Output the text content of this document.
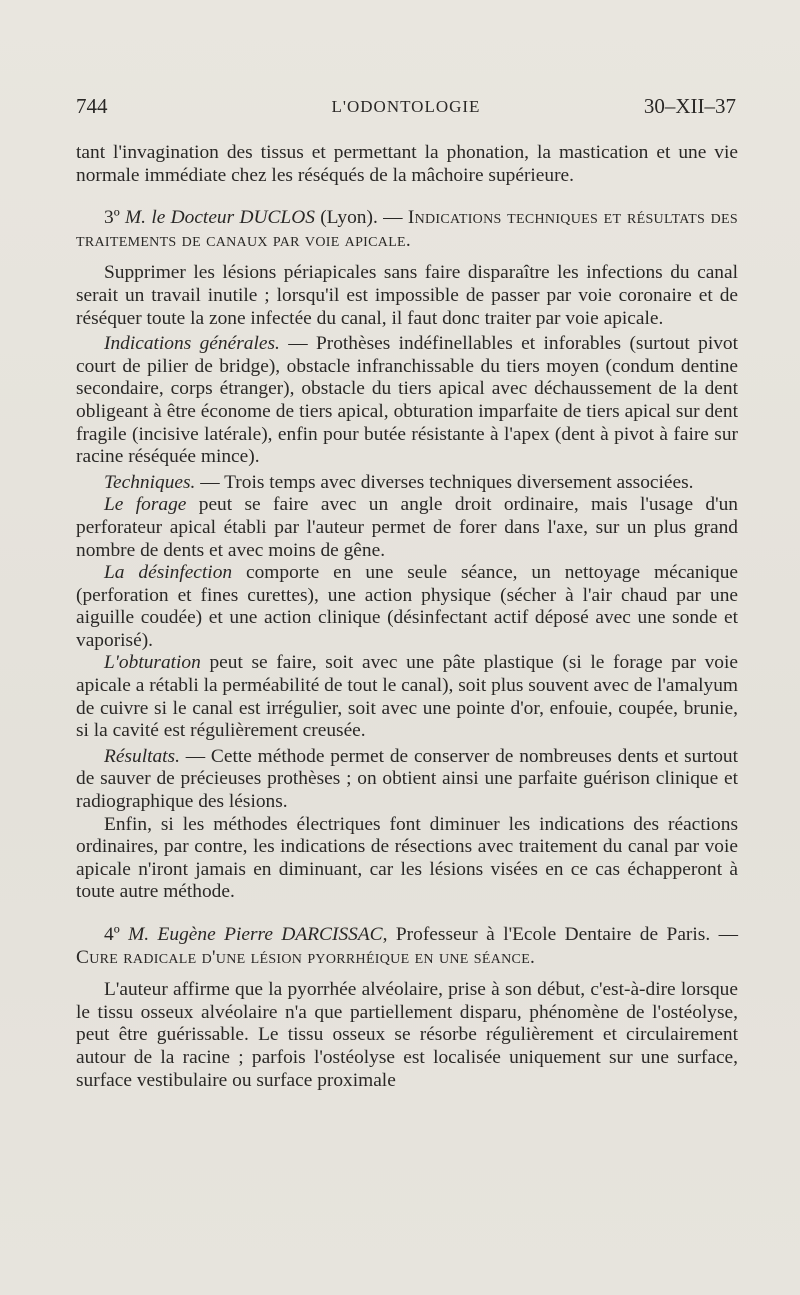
744	L'ODONTOLOGIE	30–XII–37

tant l'invagination des tissus et permettant la phonation, la mastication et une vie normale immédiate chez les réséqués de la mâchoire supérieure.

3º M. le Docteur DUCLOS (Lyon). — Indications techniques et résultats des traitements de canaux par voie apicale.

Supprimer les lésions périapicales sans faire disparaître les infections du canal serait un travail inutile ; lorsqu'il est impossible de passer par voie coronaire et de réséquer toute la zone infectée du canal, il faut donc traiter par voie apicale.

Indications générales. — Prothèses indéfinellables et inforables (surtout pivot court de pilier de bridge), obstacle infranchissable du tiers moyen (condum dentine secondaire, corps étranger), obstacle du tiers apical avec déchaussement de la dent obligeant à être économe de tiers apical, obturation imparfaite de tiers apical sur dent fragile (incisive latérale), enfin pour butée résistante à l'apex (dent à pivot à faire sur racine réséquée mince).

Techniques. — Trois temps avec diverses techniques diversement associées.

Le forage peut se faire avec un angle droit ordinaire, mais l'usage d'un perforateur apical établi par l'auteur permet de forer dans l'axe, sur un plus grand nombre de dents et avec moins de gêne.

La désinfection comporte en une seule séance, un nettoyage mécanique (perforation et fines curettes), une action physique (sécher à l'air chaud par une aiguille coudée) et une action clinique (désinfectant actif déposé avec une sonde et vaporisé).

L'obturation peut se faire, soit avec une pâte plastique (si le forage par voie apicale a rétabli la perméabilité de tout le canal), soit plus souvent avec de l'amalyum de cuivre si le canal est irrégulier, soit avec une pointe d'or, enfouie, coupée, brunie, si la cavité est régulièrement creusée.

Résultats. — Cette méthode permet de conserver de nombreuses dents et surtout de sauver de précieuses prothèses ; on obtient ainsi une parfaite guérison clinique et radiographique des lésions.

Enfin, si les méthodes électriques font diminuer les indications des réactions ordinaires, par contre, les indications de résections avec traitement du canal par voie apicale n'iront jamais en diminuant, car les lésions visées en ce cas échapperont à toute autre méthode.

4º M. Eugène Pierre DARCISSAC, Professeur à l'Ecole Dentaire de Paris. — Cure radicale d'une lésion pyorrhéique en une séance.

L'auteur affirme que la pyorrhée alvéolaire, prise à son début, c'est-à-dire lorsque le tissu osseux alvéolaire n'a que partiellement disparu, phénomène de l'ostéolyse, peut être guérissable. Le tissu osseux se résorbe régulièrement et circulairement autour de la racine ; parfois l'ostéolyse est localisée uniquement sur une surface, surface vestibulaire ou surface proximale
